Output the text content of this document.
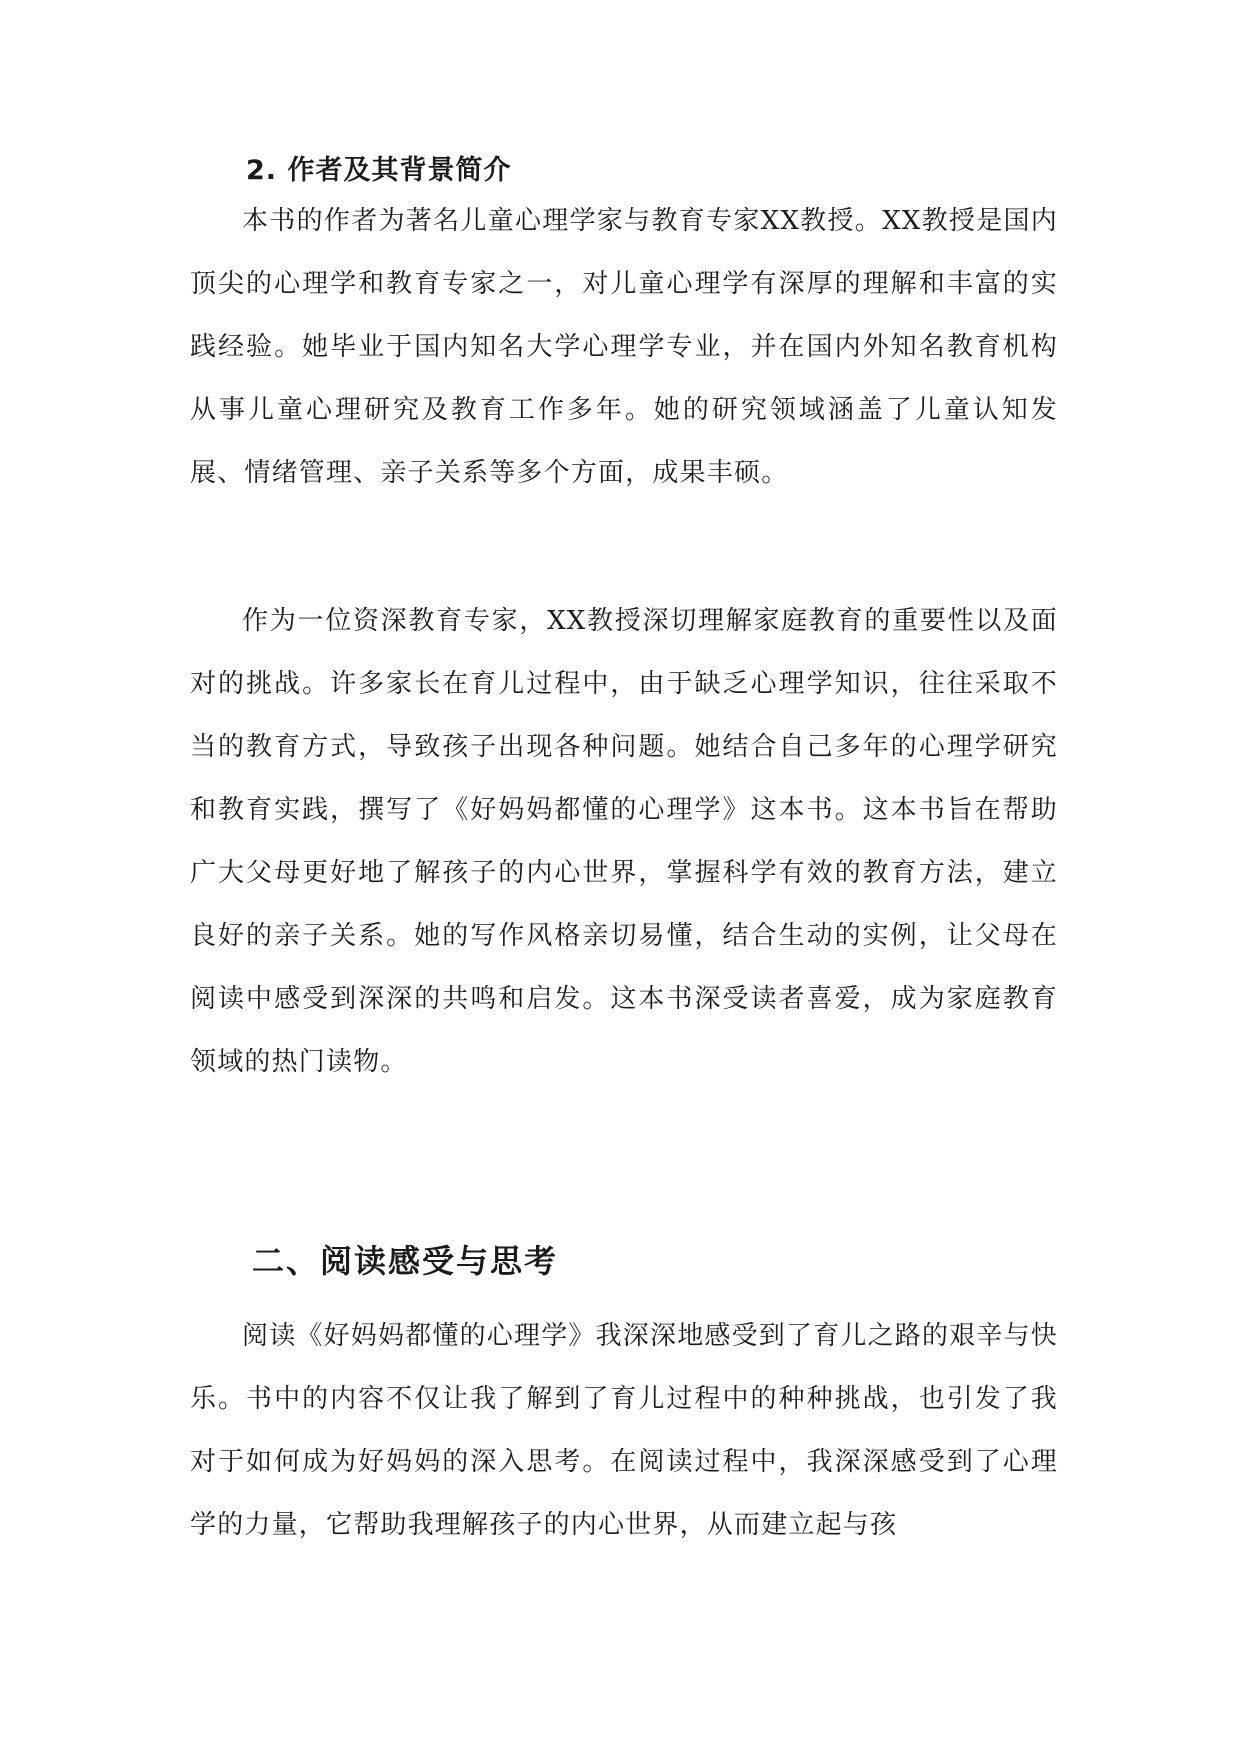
2. 作者及其背景简介

本书的作者为著名儿童心理学家与教育专家XX教授。XX教授是国内顶尖的心理学和教育专家之一，对儿童心理学有深厚的理解和丰富的实践经验。她毕业于国内知名大学心理学专业，并在国内外知名教育机构从事儿童心理研究及教育工作多年。她的研究领域涵盖了儿童认知发展、情绪管理、亲子关系等多个方面，成果丰硕。

作为一位资深教育专家，XX教授深切理解家庭教育的重要性以及面对的挑战。许多家长在育儿过程中，由于缺乏心理学知识，往往采取不当的教育方式，导致孩子出现各种问题。她结合自己多年的心理学研究和教育实践，撰写了《好妈妈都懂的心理学》这本书。这本书旨在帮助广大父母更好地了解孩子的内心世界，掌握科学有效的教育方法，建立良好的亲子关系。她的写作风格亲切易懂，结合生动的实例，让父母在阅读中感受到深深的共鸣和启发。这本书深受读者喜爱，成为家庭教育领域的热门读物。

二、阅读感受与思考

阅读《好妈妈都懂的心理学》我深深地感受到了育儿之路的艰辛与快乐。书中的内容不仅让我了解到了育儿过程中的种种挑战，也引发了我对于如何成为好妈妈的深入思考。在阅读过程中，我深深感受到了心理学的力量，它帮助我理解孩子的内心世界，从而建立起与孩
